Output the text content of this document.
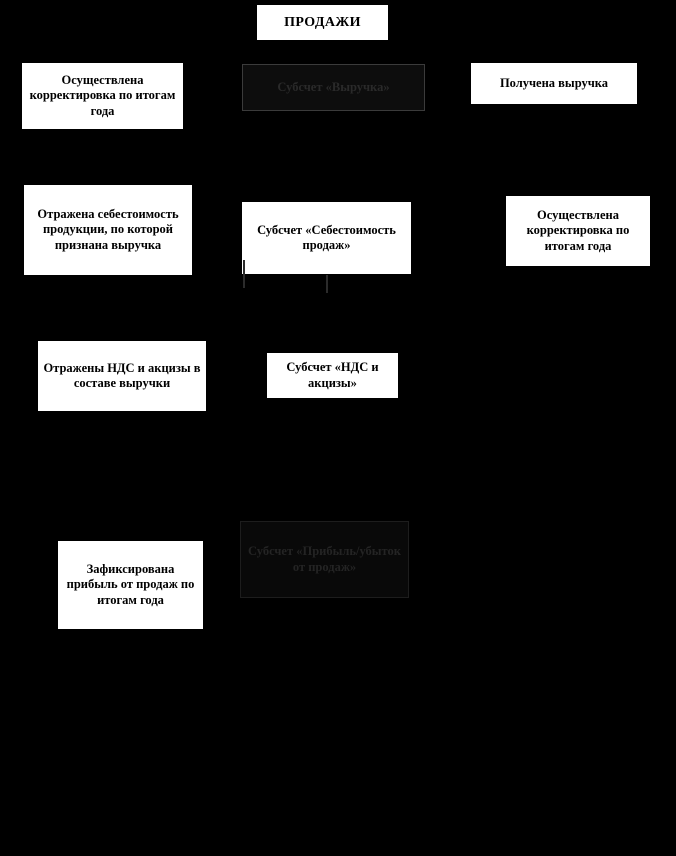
ПРОДАЖИ
Осуществлена корректировка по итогам года
Субсчет «Выручка»	Получена выручка
Отражена себестоимость продукции, по которой признана выручка
Субсчет «Себестоимость продаж»
Осуществлена корректировка по итогам года
Отражены НДС и акцизы в составе выручки
Субсчет «НДС и акцизы»
Зафиксирована прибыль от продаж по итогам года
Субсчет «Прибыль/убыток от продаж»
